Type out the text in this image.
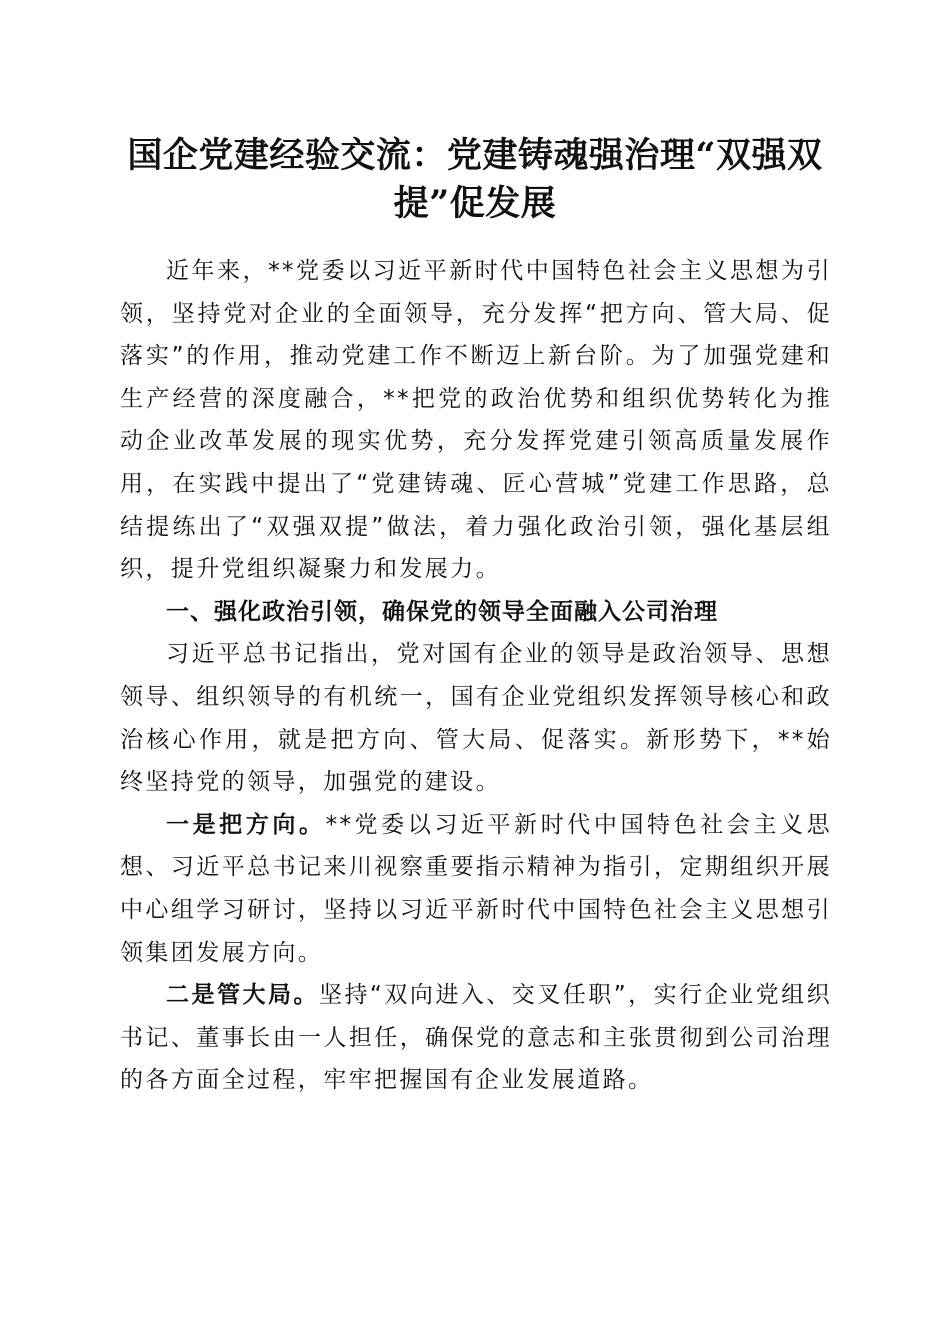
国企党建经验交流：党建铸魂强治理“双强双提”促发展

近年来，**党委以习近平新时代中国特色社会主义思想为引领，坚持党对企业的全面领导，充分发挥“把方向、管大局、促落实”的作用，推动党建工作不断迈上新台阶。为了加强党建和生产经营的深度融合，**把党的政治优势和组织优势转化为推动企业改革发展的现实优势，充分发挥党建引领高质量发展作用，在实践中提出了“党建铸魂、匠心营城”党建工作思路，总结提练出了“双强双提”做法，着力强化政治引领，强化基层组织，提升党组织凝聚力和发展力。

一、强化政治引领，确保党的领导全面融入公司治理

习近平总书记指出，党对国有企业的领导是政治领导、思想领导、组织领导的有机统一，国有企业党组织发挥领导核心和政治核心作用，就是把方向、管大局、促落实。新形势下，**始终坚持党的领导，加强党的建设。

一是把方向。**党委以习近平新时代中国特色社会主义思想、习近平总书记来川视察重要指示精神为指引，定期组织开展中心组学习研讨，坚持以习近平新时代中国特色社会主义思想引领集团发展方向。

二是管大局。坚持“双向进入、交叉任职”，实行企业党组织书记、董事长由一人担任，确保党的意志和主张贯彻到公司治理的各方面全过程，牢牢把握国有企业发展道路。
